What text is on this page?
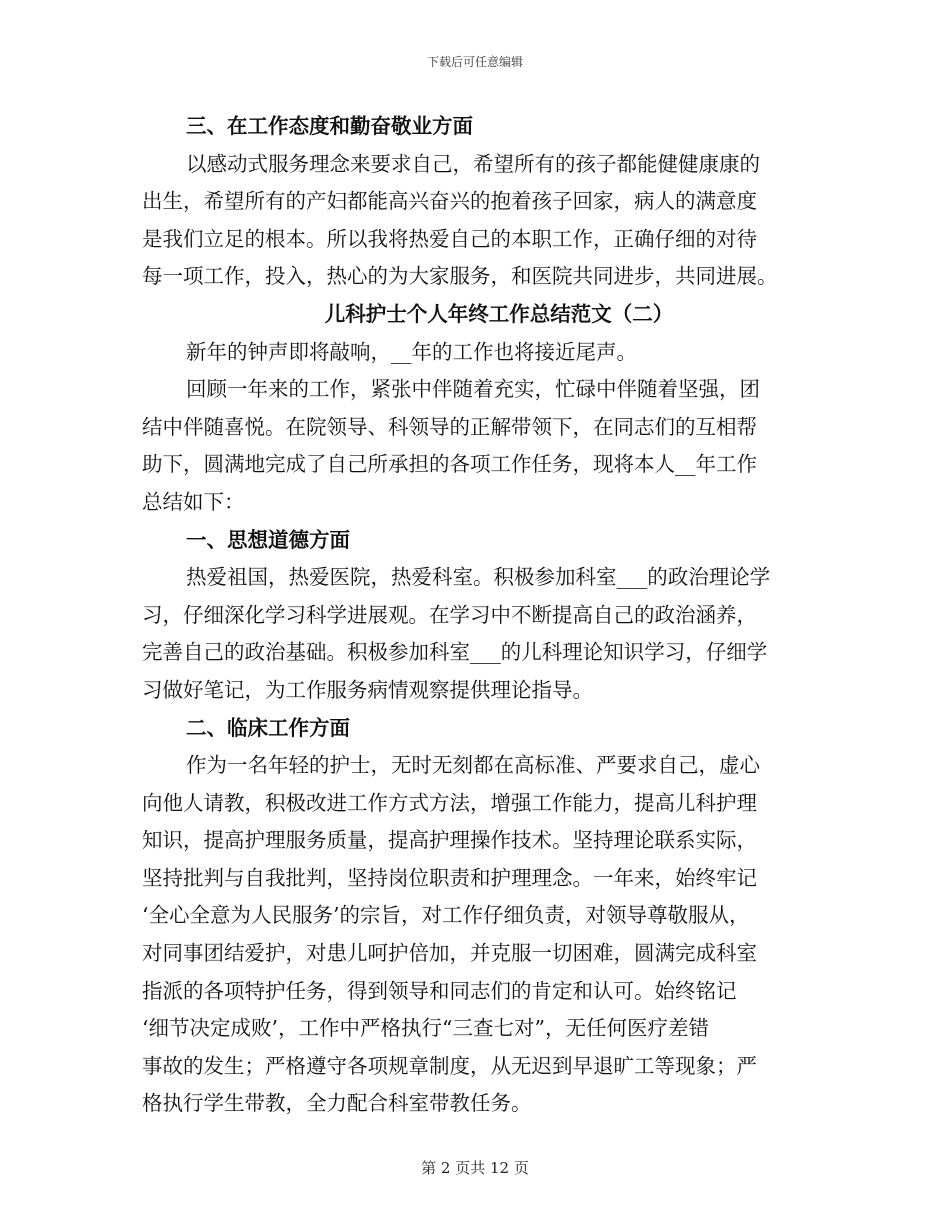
下载后可任意编辑
三、在工作态度和勤奋敬业方面
以感动式服务理念来要求自己，希望所有的孩子都能健健康康的
出生，希望所有的产妇都能高兴奋兴的抱着孩子回家，病人的满意度
是我们立足的根本。所以我将热爱自己的本职工作，正确仔细的对待
每一项工作，投入，热心的为大家服务，和医院共同进步，共同进展。
儿科护士个人年终工作总结范文（二）
新年的钟声即将敲响，__年的工作也将接近尾声。
回顾一年来的工作，紧张中伴随着充实，忙碌中伴随着坚强，团
结中伴随喜悦。在院领导、科领导的正解带领下，在同志们的互相帮
助下，圆满地完成了自己所承担的各项工作任务，现将本人__年工作
总结如下：
一、思想道德方面
热爱祖国，热爱医院，热爱科室。积极参加科室___的政治理论学
习，仔细深化学习科学进展观。在学习中不断提高自己的政治涵养，
完善自己的政治基础。积极参加科室___的儿科理论知识学习，仔细学
习做好笔记，为工作服务病情观察提供理论指导。
二、临床工作方面
作为一名年轻的护士，无时无刻都在高标准、严要求自己，虚心
向他人请教，积极改进工作方式方法，增强工作能力，提高儿科护理
知识，提高护理服务质量，提高护理操作技术。坚持理论联系实际，
坚持批判与自我批判，坚持岗位职责和护理理念。一年来，始终牢记
‘全心全意为人民服务’的宗旨，对工作仔细负责，对领导尊敬服从，
对同事团结爱护，对患儿呵护倍加，并克服一切困难，圆满完成科室
指派的各项特护任务，得到领导和同志们的肯定和认可。始终铭记
‘细节决定成败’，工作中严格执行“三查七对”，无任何医疗差错
事故的发生；严格遵守各项规章制度，从无迟到早退旷工等现象；严
格执行学生带教，全力配合科室带教任务。
第 2 页共 12 页
